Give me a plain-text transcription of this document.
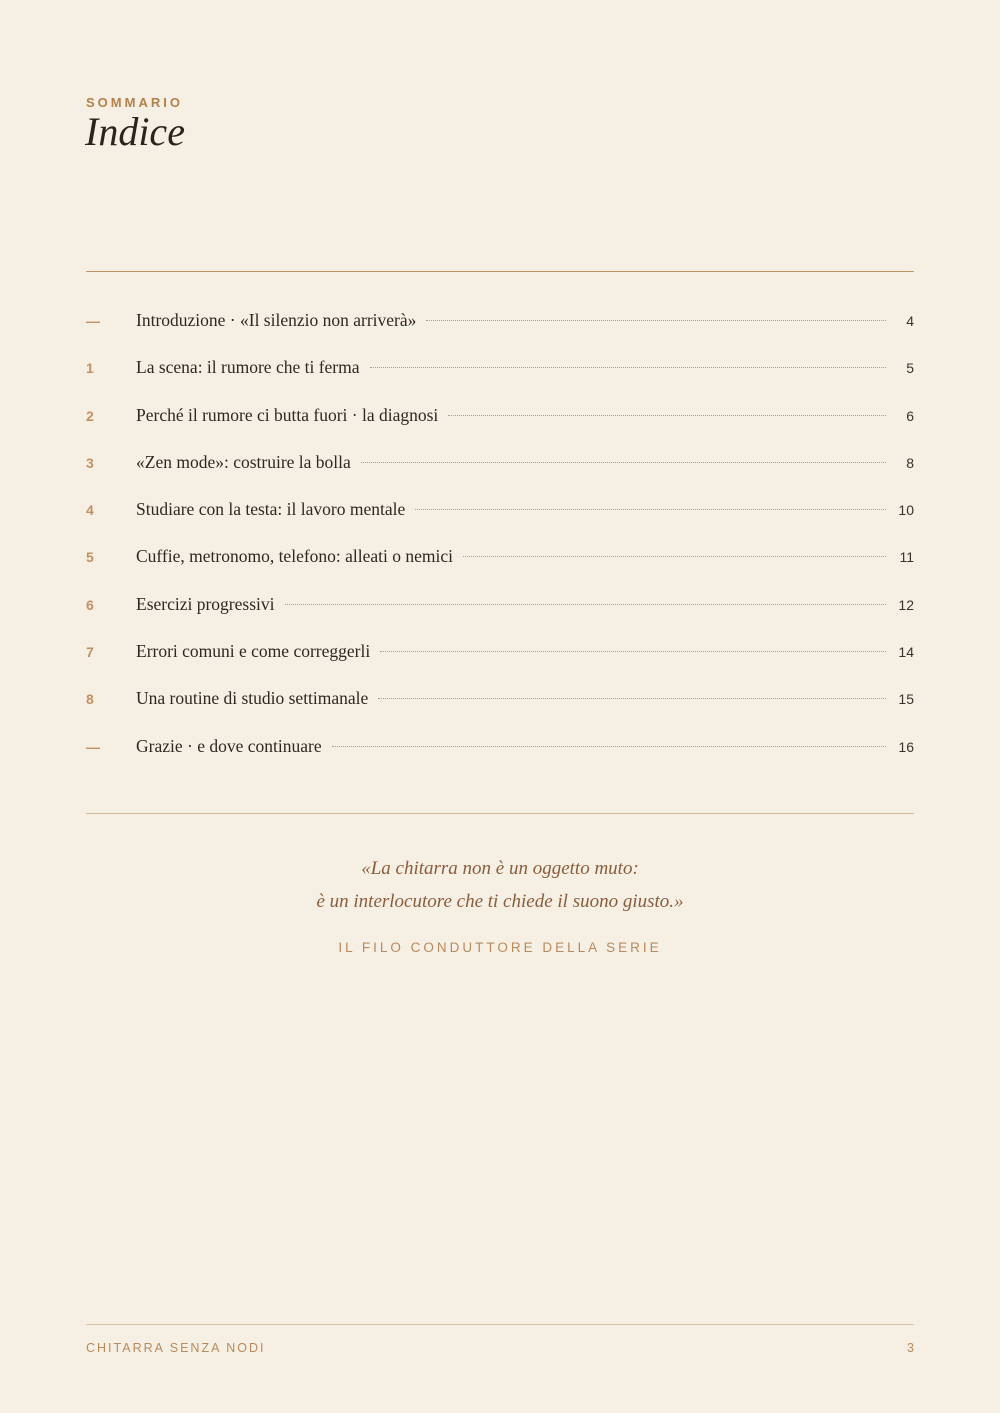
SOMMARIO
Indice
—	Introduzione · «Il silenzio non arriverà»	4
1	La scena: il rumore che ti ferma	5
2	Perché il rumore ci butta fuori · la diagnosi	6
3	«Zen mode»: costruire la bolla	8
4	Studiare con la testa: il lavoro mentale	10
5	Cuffie, metronomo, telefono: alleati o nemici	11
6	Esercizi progressivi	12
7	Errori comuni e come correggerli	14
8	Una routine di studio settimanale	15
—	Grazie · e dove continuare	16
«La chitarra non è un oggetto muto:
è un interlocutore che ti chiede il suono giusto.»
IL FILO CONDUTTORE DELLA SERIE
CHITARRA SENZA NODI	3
